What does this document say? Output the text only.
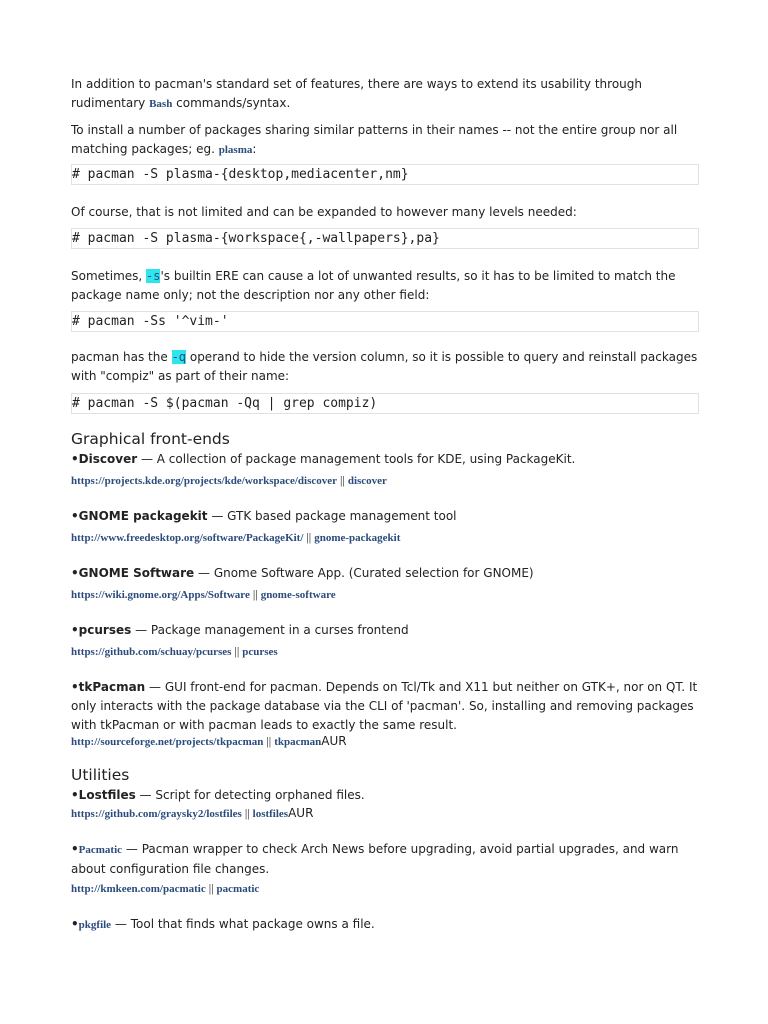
In addition to pacman's standard set of features, there are ways to extend its usability through rudimentary Bash commands/syntax.

To install a number of packages sharing similar patterns in their names -- not the entire group nor all matching packages; eg. plasma:

# pacman -S plasma-{desktop,mediacenter,nm}

Of course, that is not limited and can be expanded to however many levels needed:

# pacman -S plasma-{workspace{,-wallpapers},pa}

Sometimes, -s's builtin ERE can cause a lot of unwanted results, so it has to be limited to match the package name only; not the description nor any other field:

# pacman -Ss '^vim-'

pacman has the -q operand to hide the version column, so it is possible to query and reinstall packages with "compiz" as part of their name:

# pacman -S $(pacman -Qq | grep compiz)
Graphical front-ends
•Discover — A collection of package management tools for KDE, using PackageKit.
https://projects.kde.org/projects/kde/workspace/discover || discover
•GNOME packagekit — GTK based package management tool
http://www.freedesktop.org/software/PackageKit/ || gnome-packagekit
•GNOME Software — Gnome Software App. (Curated selection for GNOME)
https://wiki.gnome.org/Apps/Software || gnome-software
•pcurses — Package management in a curses frontend
https://github.com/schuay/pcurses || pcurses
•tkPacman — GUI front-end for pacman. Depends on Tcl/Tk and X11 but neither on GTK+, nor on QT. It only interacts with the package database via the CLI of 'pacman'. So, installing and removing packages with tkPacman or with pacman leads to exactly the same result.
http://sourceforge.net/projects/tkpacman || tkpacmanAUR
Utilities
•Lostfiles — Script for detecting orphaned files.
https://github.com/graysky2/lostfiles || lostfilesAUR
•Pacmatic — Pacman wrapper to check Arch News before upgrading, avoid partial upgrades, and warn about configuration file changes.
http://kmkeen.com/pacmatic || pacmatic
•pkgfile — Tool that finds what package owns a file.
